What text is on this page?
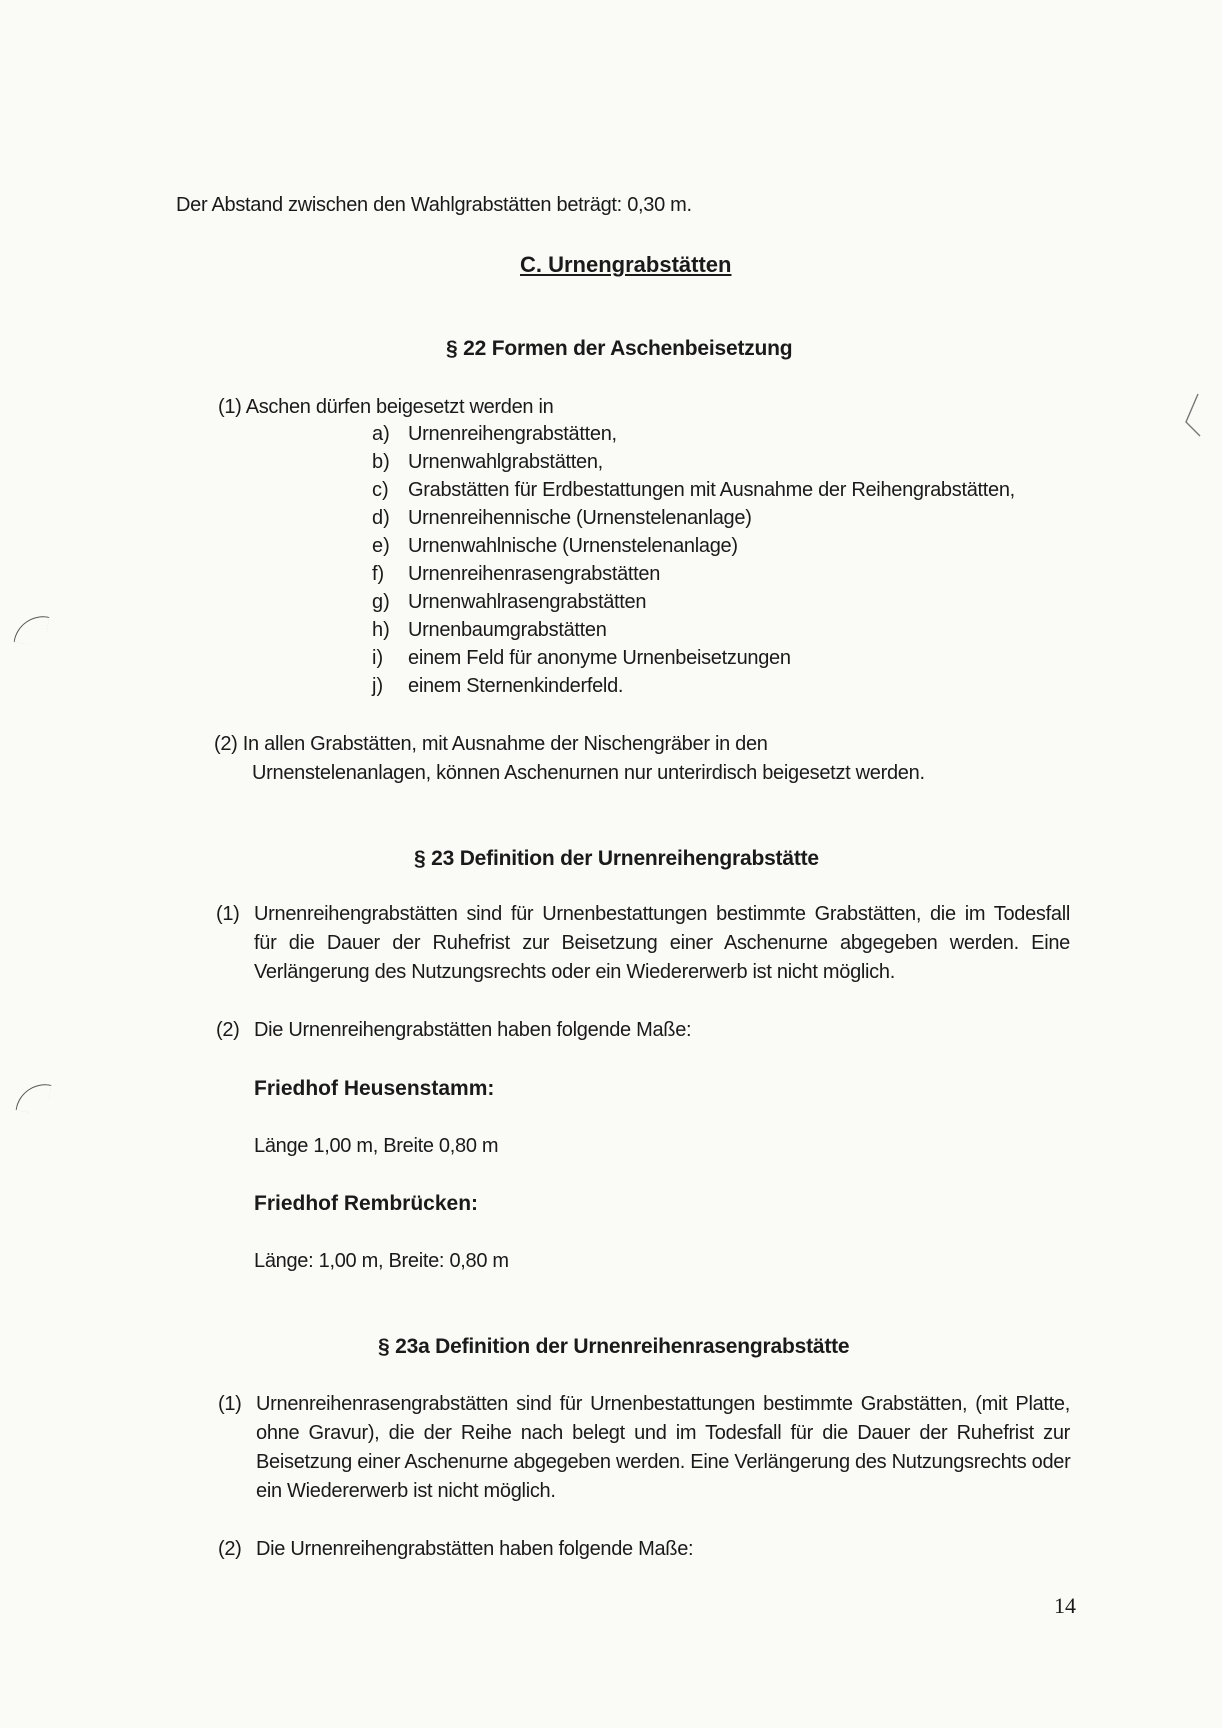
Der Abstand zwischen den Wahlgrabstätten beträgt: 0,30 m.
C. Urnengrabstätten
§ 22 Formen der Aschenbeisetzung
(1) Aschen dürfen beigesetzt werden in
a) Urnenreihengrabstätten,
b) Urnenwahlgrabstätten,
c) Grabstätten für Erdbestattungen mit Ausnahme der Reihengrabstätten,
d) Urnenreihennische (Urnenstelenanlage)
e) Urnenwahlnische (Urnenstelenanlage)
f) Urnenreihenrasengrabstätten
g) Urnenwahlrasengrabstätten
h) Urnenbaumgrabstätten
i) einem Feld für anonyme Urnenbeisetzungen
j) einem Sternenkinderfeld.
(2) In allen Grabstätten, mit Ausnahme der Nischengräber in den
Urnenstelenanlagen, können Aschenurnen nur unterirdisch beigesetzt werden.
§ 23 Definition der Urnenreihengrabstätte
(1) Urnenreihengrabstätten sind für Urnenbestattungen bestimmte Grabstätten, die im Todesfall
für die Dauer der Ruhefrist zur Beisetzung einer Aschenurne abgegeben werden. Eine
Verlängerung des Nutzungsrechts oder ein Wiedererwerb ist nicht möglich.
(2) Die Urnenreihengrabstätten haben folgende Maße:
Friedhof Heusenstamm:
Länge 1,00 m, Breite 0,80 m
Friedhof Rembrücken:
Länge: 1,00 m, Breite: 0,80 m
§ 23a Definition der Urnenreihenrasengrabstätte
(1) Urnenreihenrasengrabstätten sind für Urnenbestattungen bestimmte Grabstätten, (mit Platte,
ohne Gravur), die der Reihe nach belegt und im Todesfall für die Dauer der Ruhefrist zur
Beisetzung einer Aschenurne abgegeben werden. Eine Verlängerung des Nutzungsrechts oder
ein Wiedererwerb ist nicht möglich.
(2) Die Urnenreihengrabstätten haben folgende Maße:
14
